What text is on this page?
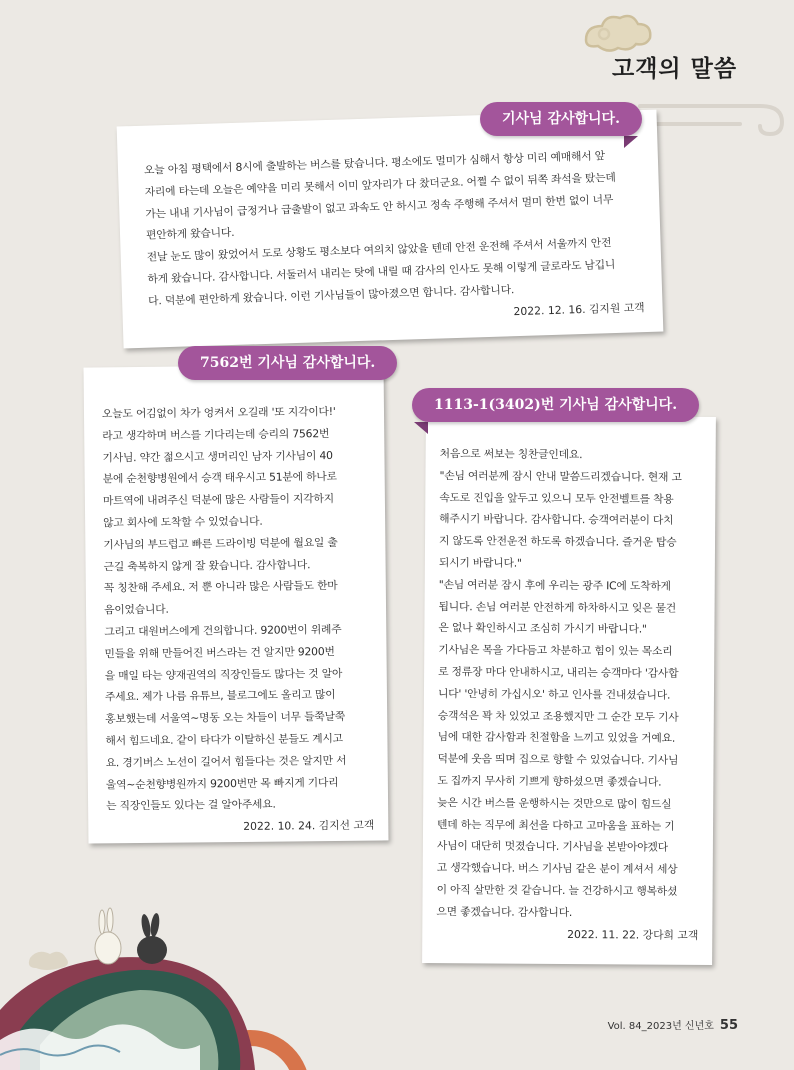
고객의 말씀
오늘 아침 평택에서 8시에 출발하는 버스를 탔습니다. 평소에도 멀미가 심해서 항상 미리 예매해서 앞
자리에 타는데 오늘은 예약을 미리 못해서 이미 앞자리가 다 찼더군요. 어쩔 수 없이 뒤쪽 좌석을 탔는데
가는 내내 기사님이 급정거나 급출발이 없고 과속도 안 하시고 정속 주행해 주셔서 멀미 한번 없이 너무
편안하게 왔습니다.
전날 눈도 많이 왔었어서 도로 상황도 평소보다 여의치 않았을 텐데 안전 운전해 주셔서 서울까지 안전
하게 왔습니다. 감사합니다. 서둘러서 내리는 탓에 내릴 때 감사의 인사도 못해 이렇게 글로라도 남깁니
다. 덕분에 편안하게 왔습니다. 이런 기사님들이 많아졌으면 합니다. 감사합니다.
2022. 12. 16. 김지원 고객
기사님 감사합니다.
오늘도 어김없이 차가 엉켜서 오길래 '또 지각이다!'
라고 생각하며 버스를 기다리는데 승리의 7562번
기사님. 약간 젊으시고 생머리인 남자 기사님이 40
분에 순천향병원에서 승객 태우시고 51분에 하나로
마트역에 내려주신 덕분에 많은 사람들이 지각하지
않고 회사에 도착할 수 있었습니다.
기사님의 부드럽고 빠른 드라이빙 덕분에 월요일 출
근길 축복하지 않게 잘 왔습니다. 감사합니다.
꼭 칭찬해 주세요. 저 뿐 아니라 많은 사람들도 한마
음이었습니다.
그리고 대원버스에게 건의합니다. 9200번이 위례주
민들을 위해 만들어진 버스라는 건 알지만 9200번
을 매일 타는 양재권역의 직장인들도 많다는 것 알아
주세요. 제가 나름 유튜브, 블로그에도 올리고 많이
홍보했는데 서울역~명동 오는 차들이 너무 들쭉날쭉
해서 힘드네요. 같이 타다가 이탈하신 분들도 계시고
요. 경기버스 노선이 길어서 힘들다는 것은 알지만 서
울역~순천향병원까지 9200번만 목 빠지게 기다리
는 직장인들도 있다는 걸 알아주세요.
2022. 10. 24. 김지선 고객
7562번 기사님 감사합니다.
처음으로 써보는 칭찬글인데요.
"손님 여러분께 잠시 안내 말씀드리겠습니다. 현재 고
속도로 진입을 앞두고 있으니 모두 안전벨트를 착용
해주시기 바랍니다. 감사합니다. 승객여러분이 다치
지 않도록 안전운전 하도록 하겠습니다. 즐거운 탑승
되시기 바랍니다."
"손님 여러분 잠시 후에 우리는 광주 IC에 도착하게
됩니다. 손님 여러분 안전하게 하차하시고 잊은 물건
은 없나 확인하시고 조심히 가시기 바랍니다."
기사님은 목을 가다듬고 차분하고 힘이 있는 목소리
로 정류장 마다 안내하시고, 내리는 승객마다 '감사합
니다' '안녕히 가십시오' 하고 인사를 건내셨습니다.
승객석은 꽉 차 있었고 조용했지만 그 순간 모두 기사
님에 대한 감사함과 친절함을 느끼고 있었을 거예요.
덕분에 웃음 띄며 집으로 향할 수 있었습니다. 기사님
도 집까지 무사히 기쁘게 향하셨으면 좋겠습니다.
늦은 시간 버스를 운행하시는 것만으로 많이 힘드실
텐데 하는 직무에 최선을 다하고 고마움을 표하는 기
사님이 대단히 멋졌습니다. 기사님을 본받아야겠다
고 생각했습니다. 버스 기사님 같은 분이 계셔서 세상
이 아직 살만한 것 같습니다. 늘 건강하시고 행복하셨
으면 좋겠습니다. 감사합니다.
2022. 11. 22. 강다희 고객
1113-1(3402)번 기사님 감사합니다.
Vol. 84_2023년 신년호 55
